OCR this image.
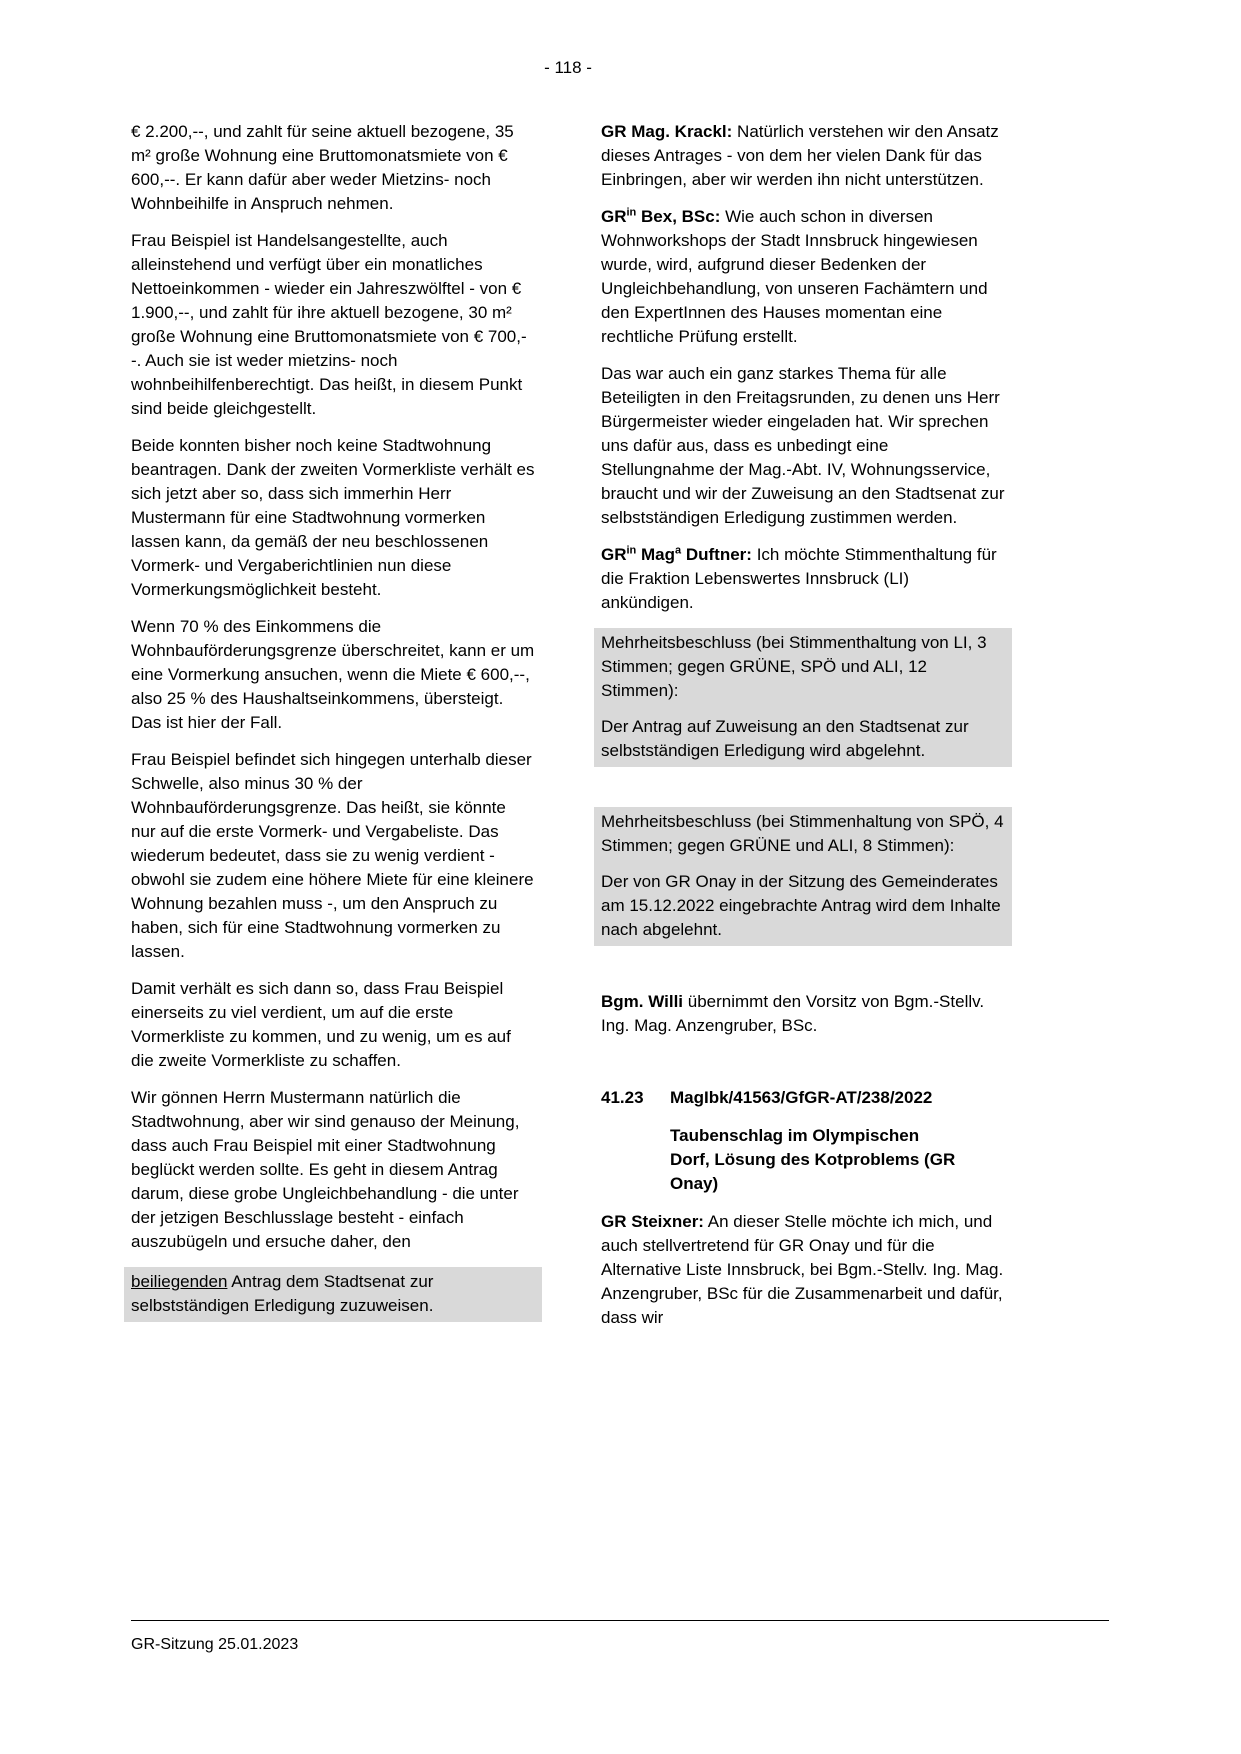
- 118 -

€ 2.200,--, und zahlt für seine aktuell bezogene, 35 m² große Wohnung eine Bruttomonatsmiete von € 600,--. Er kann dafür aber weder Mietzins- noch Wohnbeihilfe in Anspruch nehmen.

Frau Beispiel ist Handelsangestellte, auch alleinstehend und verfügt über ein monatliches Nettoeinkommen - wieder ein Jahreszwölftel - von € 1.900,--, und zahlt für ihre aktuell bezogene, 30 m² große Wohnung eine Bruttomonatsmiete von € 700,--. Auch sie ist weder mietzins- noch wohnbeihilfenberechtigt. Das heißt, in diesem Punkt sind beide gleichgestellt.

Beide konnten bisher noch keine Stadtwohnung beantragen. Dank der zweiten Vormerkliste verhält es sich jetzt aber so, dass sich immerhin Herr Mustermann für eine Stadtwohnung vormerken lassen kann, da gemäß der neu beschlossenen Vormerk- und Vergaberichtlinien nun diese Vormerkungsmöglichkeit besteht.

Wenn 70 % des Einkommens die Wohnbauförderungsgrenze überschreitet, kann er um eine Vormerkung ansuchen, wenn die Miete € 600,--, also 25 % des Haushaltseinkommens, übersteigt. Das ist hier der Fall.

Frau Beispiel befindet sich hingegen unterhalb dieser Schwelle, also minus 30 % der Wohnbauförderungsgrenze. Das heißt, sie könnte nur auf die erste Vormerk- und Vergabeliste. Das wiederum bedeutet, dass sie zu wenig verdient - obwohl sie zudem eine höhere Miete für eine kleinere Wohnung bezahlen muss -, um den Anspruch zu haben, sich für eine Stadtwohnung vormerken zu lassen.

Damit verhält es sich dann so, dass Frau Beispiel einerseits zu viel verdient, um auf die erste Vormerkliste zu kommen, und zu wenig, um es auf die zweite Vormerkliste zu schaffen.

Wir gönnen Herrn Mustermann natürlich die Stadtwohnung, aber wir sind genauso der Meinung, dass auch Frau Beispiel mit einer Stadtwohnung beglückt werden sollte. Es geht in diesem Antrag darum, diese grobe Ungleichbehandlung - die unter der jetzigen Beschlusslage besteht - einfach auszubügeln und ersuche daher, den

beiliegenden Antrag dem Stadtsenat zur selbstständigen Erledigung zuzuweisen.

GR Mag. Krackl: Natürlich verstehen wir den Ansatz dieses Antrages - von dem her vielen Dank für das Einbringen, aber wir werden ihn nicht unterstützen.

$GR^{in}$ Bex, BSc: Wie auch schon in diversen Wohnworkshops der Stadt Innsbruck hingewiesen wurde, wird, aufgrund dieser Bedenken der Ungleichbehandlung, von unseren Fachämtern und den ExpertInnen des Hauses momentan eine rechtliche Prüfung erstellt.

Das war auch ein ganz starkes Thema für alle Beteiligten in den Freitagsrunden, zu denen uns Herr Bürgermeister wieder eingeladen hat. Wir sprechen uns dafür aus, dass es unbedingt eine Stellungnahme der Mag.-Abt. IV, Wohnungsservice, braucht und wir der Zuweisung an den Stadtsenat zur selbstständigen Erledigung zustimmen werden.

$GR^{in}$ Mag$^a$ Duftner: Ich möchte Stimmenthaltung für die Fraktion Lebenswertes Innsbruck (LI) ankündigen.

Mehrheitsbeschluss (bei Stimmenthaltung von LI, 3 Stimmen; gegen GRÜNE, SPÖ und ALI, 12 Stimmen):

Der Antrag auf Zuweisung an den Stadtsenat zur selbstständigen Erledigung wird abgelehnt.

Mehrheitsbeschluss (bei Stimmenhaltung von SPÖ, 4 Stimmen; gegen GRÜNE und ALI, 8 Stimmen):

Der von GR Onay in der Sitzung des Gemeinderates am 15.12.2022 eingebrachte Antrag wird dem Inhalte nach abgelehnt.

Bgm. Willi übernimmt den Vorsitz von Bgm.-Stellv. Ing. Mag. Anzengruber, BSc.

41.23	MagIbk/41563/GfGR-AT/238/2022
Taubenschlag im Olympischen Dorf, Lösung des Kotproblems (GR Onay)

GR Steixner: An dieser Stelle möchte ich mich, und auch stellvertretend für GR Onay und für die Alternative Liste Innsbruck, bei Bgm.-Stellv. Ing. Mag. Anzengruber, BSc für die Zusammenarbeit und dafür, dass wir

GR-Sitzung 25.01.2023
